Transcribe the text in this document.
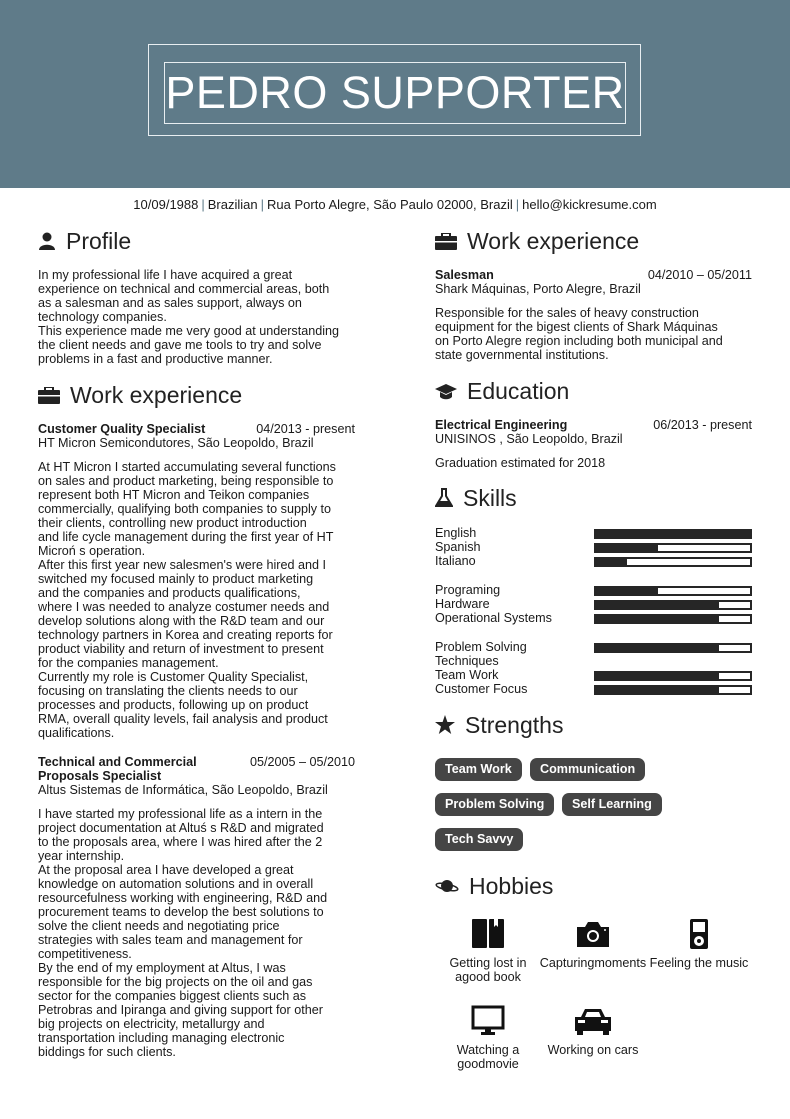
PEDRO SUPPORTER
10/09/1988 | Brazilian | Rua Porto Alegre, São Paulo 02000, Brazil | hello@kickresume.com
Profile
In my professional life I have acquired a great
experience on technical and commercial areas, both
as a salesman and as sales support, always on
technology companies.
This experience made me very good at understanding
the client needs and gave me tools to try and solve
problems in a fast and productive manner.
Work experience
Customer Quality Specialist	04/2013 - present
HT Micron Semicondutores, São Leopoldo, Brazil
At HT Micron I started accumulating several functions
on sales and product marketing, being responsible to
represent both HT Micron and Teikon companies
commercially, qualifying both companies to supply to
their clients, controlling new product introduction
and life cycle management during the first year of HT
Microń s operation.
After this first year new salesmen's were hired and I
switched my focused mainly to product marketing
and the companies and products qualifications,
where I was needed to analyze costumer needs and
develop solutions along with the R&D team and our
technology partners in Korea and creating reports for
product viability and return of investment to present
for the companies management.
Currently my role is Customer Quality Specialist,
focusing on translating the clients needs to our
processes and products, following up on product
RMA, overall quality levels, fail analysis and product
qualifications.
Technical and Commercial	05/2005 – 05/2010
Proposals Specialist
Altus Sistemas de Informática, São Leopoldo, Brazil
I have started my professional life as a intern in the
project documentation at Altuś s R&D and migrated
to the proposals area, where I was hired after the 2
year internship.
At the proposal area I have developed a great
knowledge on automation solutions and in overall
resourcefulness working with engineering, R&D and
procurement teams to develop the best solutions to
solve the client needs and negotiating price
strategies with sales team and management for
competitiveness.
By the end of my employment at Altus, I was
responsible for the big projects on the oil and gas
sector for the companies biggest clients such as
Petrobras and Ipiranga and giving support for other
big projects on electricity, metallurgy and
transportation including managing electronic
biddings for such clients.
Work experience
Salesman	04/2010 – 05/2011
Shark Máquinas, Porto Alegre, Brazil
Responsible for the sales of heavy construction
equipment for the bigest clients of Shark Máquinas
on Porto Alegre region including both municipal and
state governmental institutions.
Education
Electrical Engineering	06/2013 - present
UNISINOS , São Leopoldo, Brazil
Graduation estimated for 2018
Skills
English
Spanish
Italiano
Programing
Hardware
Operational Systems
Problem Solving
Techniques
Team Work
Customer Focus
Strengths
Team Work	Communication
Problem Solving	Self Learning
Tech Savvy
Hobbies
Getting lost in agood book
Capturingmoments Feeling the music
Watching a goodmovie
Working on cars
